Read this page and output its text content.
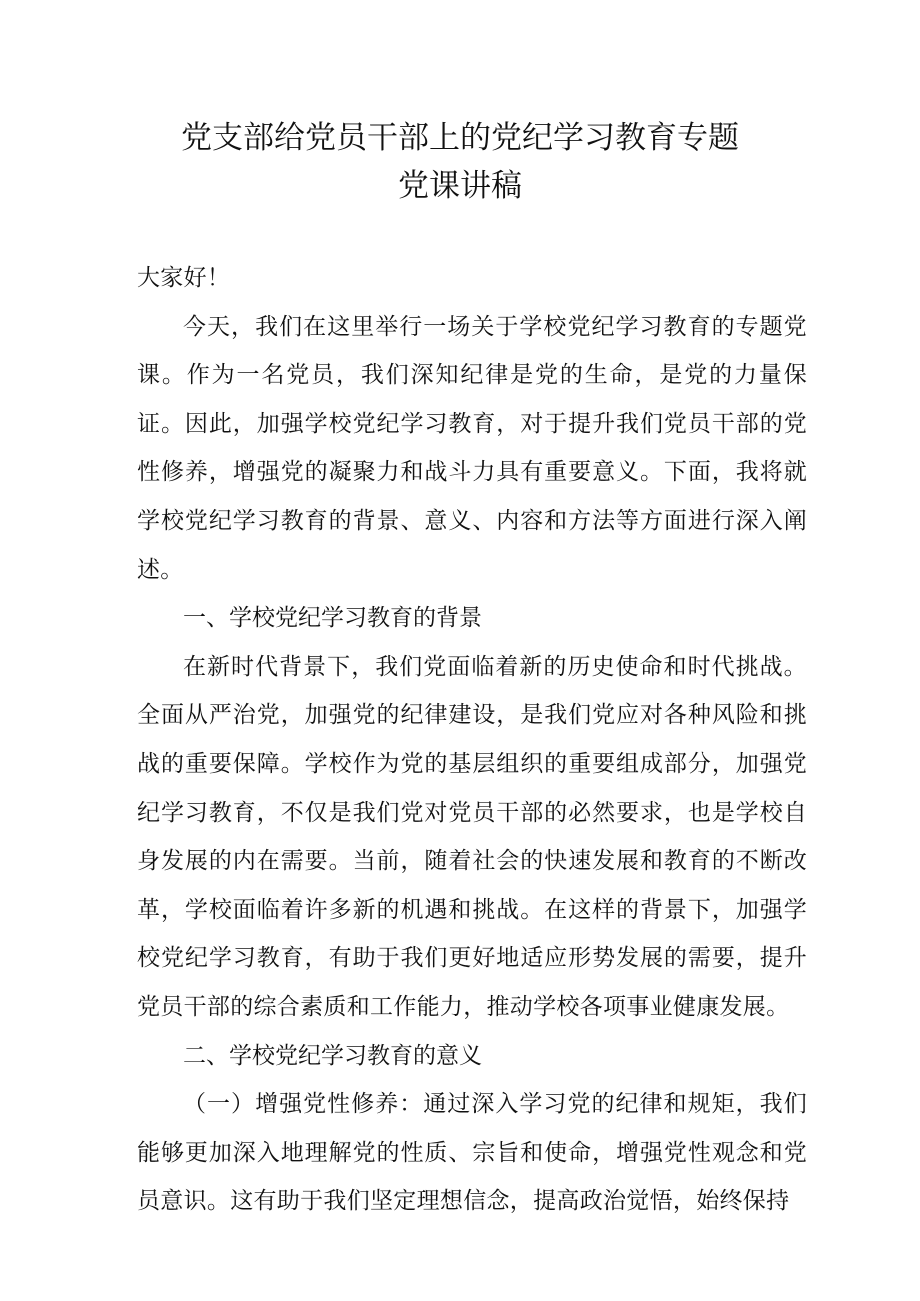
党支部给党员干部上的党纪学习教育专题
党课讲稿

大家好！

今天，我们在这里举行一场关于学校党纪学习教育的专题党课。作为一名党员，我们深知纪律是党的生命，是党的力量保证。因此，加强学校党纪学习教育，对于提升我们党员干部的党性修养，增强党的凝聚力和战斗力具有重要意义。下面，我将就学校党纪学习教育的背景、意义、内容和方法等方面进行深入阐述。

一、学校党纪学习教育的背景

在新时代背景下，我们党面临着新的历史使命和时代挑战。全面从严治党，加强党的纪律建设，是我们党应对各种风险和挑战的重要保障。学校作为党的基层组织的重要组成部分，加强党纪学习教育，不仅是我们党对党员干部的必然要求，也是学校自身发展的内在需要。当前，随着社会的快速发展和教育的不断改革，学校面临着许多新的机遇和挑战。在这样的背景下，加强学校党纪学习教育，有助于我们更好地适应形势发展的需要，提升党员干部的综合素质和工作能力，推动学校各项事业健康发展。

二、学校党纪学习教育的意义

（一）增强党性修养：通过深入学习党的纪律和规矩，我们能够更加深入地理解党的性质、宗旨和使命，增强党性观念和党员意识。这有助于我们坚定理想信念，提高政治觉悟，始终保持
